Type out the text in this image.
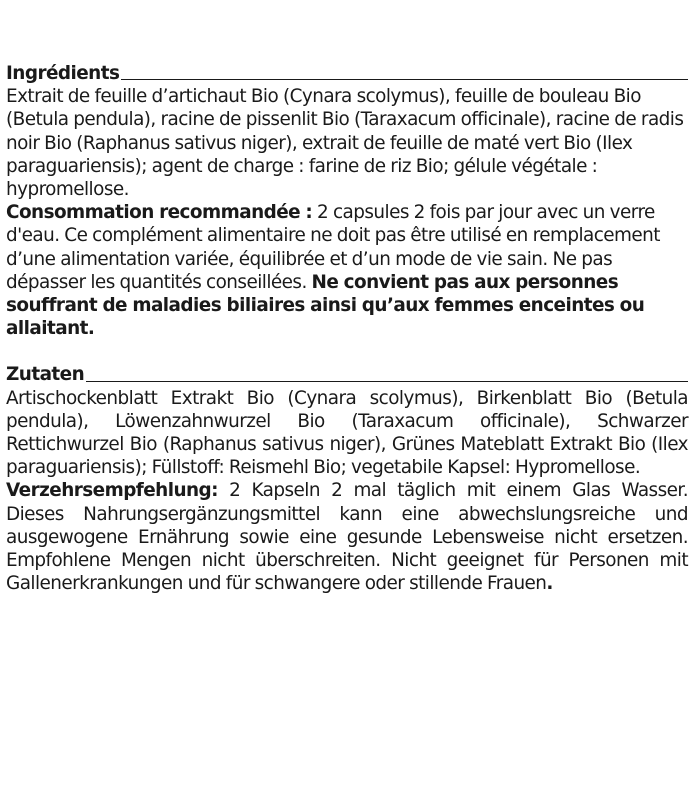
Ingrédients

Extrait de feuille d’artichaut Bio (Cynara scolymus), feuille de bouleau Bio (Betula pendula), racine de pissenlit Bio (Taraxacum officinale), racine de radis noir Bio (Raphanus sativus niger), extrait de feuille de maté vert Bio (Ilex paraguariensis); agent de charge : farine de riz Bio; gélule végétale : hypromellose.

Consommation recommandée : 2 capsules 2 fois par jour avec un verre d'eau. Ce complément alimentaire ne doit pas être utilisé en remplacement d’une alimentation variée, équilibrée et d’un mode de vie sain. Ne pas dépasser les quantités conseillées. Ne convient pas aux personnes souffrant de maladies biliaires ainsi qu’aux femmes enceintes ou allaitant.

Zutaten

Artischockenblatt Extrakt Bio (Cynara scolymus), Birkenblatt Bio (Betula pendula), Löwenzahnwurzel Bio (Taraxacum officinale), Schwarzer Rettichwurzel Bio (Raphanus sativus niger), Grünes Mateblatt Extrakt Bio (Ilex paraguariensis); Füllstoff: Reismehl Bio; vegetabile Kapsel: Hypromellose.

Verzehrsempfehlung: 2 Kapseln 2 mal täglich mit einem Glas Wasser. Dieses Nahrungsergänzungsmittel kann eine abwechslungsreiche und ausgewogene Ernährung sowie eine gesunde Lebensweise nicht ersetzen. Empfohlene Mengen nicht überschreiten. Nicht geeignet für Personen mit Gallenerkrankungen und für schwangere oder stillende Frauen.
